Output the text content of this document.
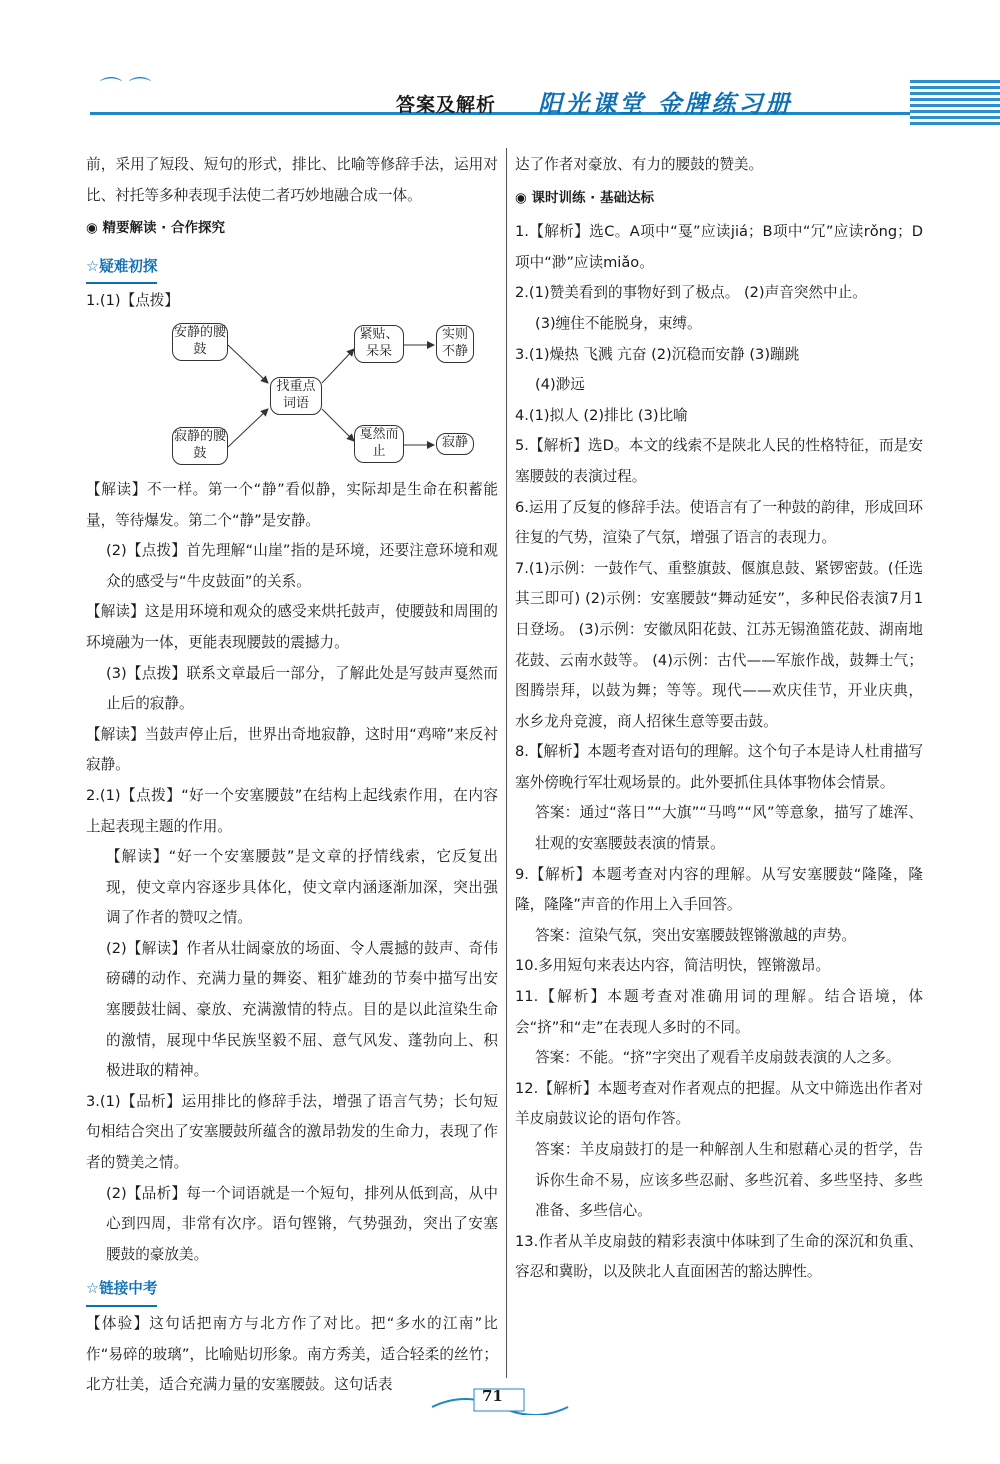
⌒ ⌒
答案及解析 阳光课堂 金牌练习册

前，采用了短段、短句的形式，排比、比喻等修辞手法，运用对比、衬托等多种表现手法使二者巧妙地融合成一体。

◉ 精要解读 · 合作探究
☆疑难初探

1.(1)【点拨】

安静的腰鼓
寂静的腰鼓
找重点词语
紧贴、呆呆
实则不静
戛然而止
寂静

【解读】不一样。第一个“静”看似静，实际却是生命在积蓄能量，等待爆发。第二个“静”是安静。

(2)【点拨】首先理解“山崖”指的是环境，还要注意环境和观众的感受与“牛皮鼓面”的关系。

【解读】这是用环境和观众的感受来烘托鼓声，使腰鼓和周围的环境融为一体，更能表现腰鼓的震撼力。

(3)【点拨】联系文章最后一部分，了解此处是写鼓声戛然而止后的寂静。

【解读】当鼓声停止后，世界出奇地寂静，这时用“鸡啼”来反衬寂静。

2.(1)【点拨】“好一个安塞腰鼓”在结构上起线索作用，在内容上起表现主题的作用。

【解读】“好一个安塞腰鼓”是文章的抒情线索，它反复出现，使文章内容逐步具体化，使文章内涵逐渐加深，突出强调了作者的赞叹之情。

(2)【解读】作者从壮阔豪放的场面、令人震撼的鼓声、奇伟磅礴的动作、充满力量的舞姿、粗犷雄劲的节奏中描写出安塞腰鼓壮阔、豪放、充满激情的特点。目的是以此渲染生命的激情，展现中华民族坚毅不屈、意气风发、蓬勃向上、积极进取的精神。

3.(1)【品析】运用排比的修辞手法，增强了语言气势；长句短句相结合突出了安塞腰鼓所蕴含的激昂勃发的生命力，表现了作者的赞美之情。

(2)【品析】每一个词语就是一个短句，排列从低到高，从中心到四周，非常有次序。语句铿锵，气势强劲，突出了安塞腰鼓的豪放美。

☆链接中考

【体验】这句话把南方与北方作了对比。把“多水的江南”比作“易碎的玻璃”，比喻贴切形象。南方秀美，适合轻柔的丝竹；北方壮美，适合充满力量的安塞腰鼓。这句话表

达了作者对豪放、有力的腰鼓的赞美。

◉ 课时训练 · 基础达标

1.【解析】选C。A项中“戛”应读jiá；B项中“冗”应读rǒng；D项中“渺”应读miǎo。

2.(1)赞美看到的事物好到了极点。 (2)声音突然中止。

(3)缠住不能脱身，束缚。

3.(1)燥热 飞溅 亢奋 (2)沉稳而安静 (3)蹦跳

(4)渺远

4.(1)拟人 (2)排比 (3)比喻

5.【解析】选D。本文的线索不是陕北人民的性格特征，而是安塞腰鼓的表演过程。

6.运用了反复的修辞手法。使语言有了一种鼓的韵律，形成回环往复的气势，渲染了气氛，增强了语言的表现力。

7.(1)示例：一鼓作气、重整旗鼓、偃旗息鼓、紧锣密鼓。(任选其三即可) (2)示例：安塞腰鼓“舞动延安”，多种民俗表演7月1日登场。 (3)示例：安徽凤阳花鼓、江苏无锡渔篮花鼓、湖南地花鼓、云南水鼓等。 (4)示例：古代——军旅作战，鼓舞士气；图腾崇拜，以鼓为舞；等等。现代——欢庆佳节，开业庆典，水乡龙舟竞渡，商人招徕生意等要击鼓。

8.【解析】本题考查对语句的理解。这个句子本是诗人杜甫描写塞外傍晚行军壮观场景的。此外要抓住具体事物体会情景。

答案：通过“落日”“大旗”“马鸣”“风”等意象，描写了雄浑、壮观的安塞腰鼓表演的情景。

9.【解析】本题考查对内容的理解。从写安塞腰鼓“隆隆，隆隆，隆隆”声音的作用上入手回答。

答案：渲染气氛，突出安塞腰鼓铿锵激越的声势。

10.多用短句来表达内容，简洁明快，铿锵激昂。

11.【解析】本题考查对准确用词的理解。结合语境，体会“挤”和“走”在表现人多时的不同。

答案：不能。“挤”字突出了观看羊皮扇鼓表演的人之多。

12.【解析】本题考查对作者观点的把握。从文中筛选出作者对羊皮扇鼓议论的语句作答。

答案：羊皮扇鼓打的是一种解剖人生和慰藉心灵的哲学，告诉你生命不易，应该多些忍耐、多些沉着、多些坚持、多些准备、多些信心。

13.作者从羊皮扇鼓的精彩表演中体味到了生命的深沉和负重、容忍和冀盼，以及陕北人直面困苦的豁达脾性。

71
